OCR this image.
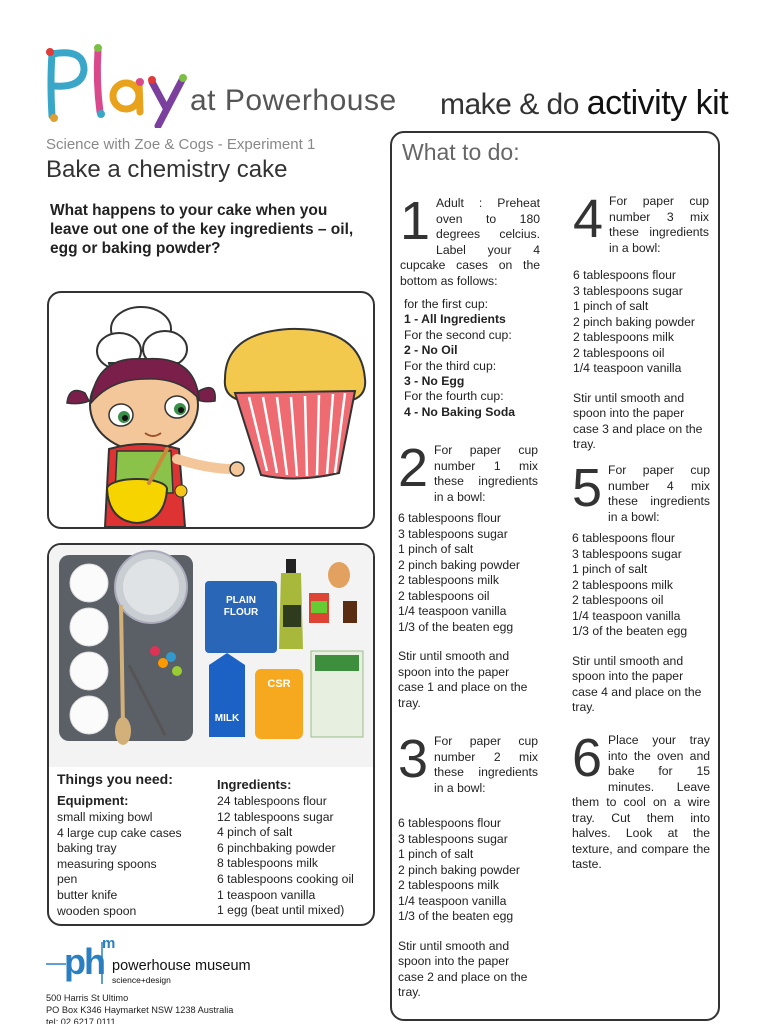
Play
at Powerhouse make & do activity kit
Science with Zoe & Cogs - Experiment 1
Bake a chemistry cake
What happens to your cake when you leave out one of the key ingredients – oil, egg or baking powder?
PLAIN
FLOUR
MILK
CSR
Things you need:
Equipment:
small mixing bowl
4 large cup cake cases
baking tray
measuring spoons
pen
butter knife
wooden spoon
Ingredients:
24 tablespoons flour
12 tablespoons sugar
4 pinch of salt
6 pinchbaking powder
8 tablespoons milk
6 tablespoons cooking oil
1 teaspoon vanilla
1 egg (beat until mixed)
ph
m
powerhouse museum
science+design
500 Harris St Ultimo
PO Box K346 Haymarket NSW 1238 Australia
tel: 02 6217 0111
What to do:
1 Adult : Preheat oven to 180 degrees celcius. Label your 4 cupcake cases on the bottom as follows:
for the first cup:
1 - All Ingredients
For the second cup:
2 - No Oil
For the third cup:
3 - No Egg
For the fourth cup:
4 - No Baking Soda
2 For paper cup number 1 mix these ingredients in a bowl:
6 tablespoons flour
3 tablespoons sugar
1 pinch of salt
2 pinch baking powder
2 tablespoons milk
2 tablespoons oil
1/4 teaspoon vanilla
1/3 of the beaten egg
Stir until smooth and spoon into the paper case 1 and place on the tray.
3 For paper cup number 2 mix these ingredients in a bowl:
6 tablespoons flour
3 tablespoons sugar
1 pinch of salt
2 pinch baking powder
2 tablespoons milk
1/4 teaspoon vanilla
1/3 of the beaten egg
Stir until smooth and spoon into the paper case 2 and place on the tray.
4 For paper cup number 3 mix these ingredients in a bowl:
6 tablespoons flour
3 tablespoons sugar
1 pinch of salt
2 pinch baking powder
2 tablespoons milk
2 tablespoons oil
1/4 teaspoon vanilla
Stir until smooth and spoon into the paper case 3 and place on the tray.
5 For paper cup number 4 mix these ingredients in a bowl:
6 tablespoons flour
3 tablespoons sugar
1 pinch of salt
2 tablespoons milk
2 tablespoons oil
1/4 teaspoon vanilla
1/3 of the beaten egg
Stir until smooth and spoon into the paper case 4 and place on the tray.
6 Place your tray into the oven and bake for 15 minutes. Leave them to cool on a wire tray. Cut them into halves. Look at the texture, and compare the taste.
